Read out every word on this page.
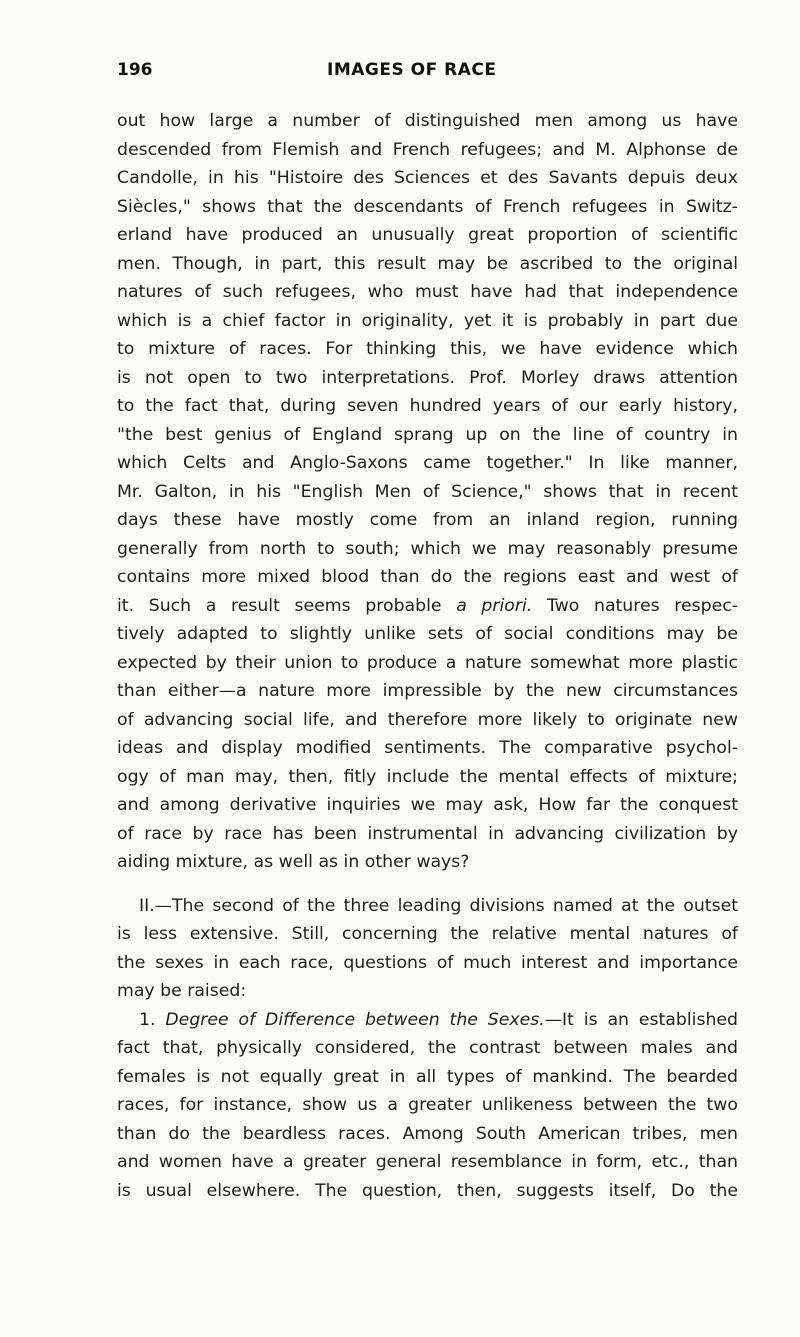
196	IMAGES OF RACE
out how large a number of distinguished men among us have
descended from Flemish and French refugees; and M. Alphonse de
Candolle, in his "Histoire des Sciences et des Savants depuis deux
Siècles," shows that the descendants of French refugees in Switz-
erland have produced an unusually great proportion of scientific
men. Though, in part, this result may be ascribed to the original
natures of such refugees, who must have had that independence
which is a chief factor in originality, yet it is probably in part due
to mixture of races. For thinking this, we have evidence which
is not open to two interpretations. Prof. Morley draws attention
to the fact that, during seven hundred years of our early history,
"the best genius of England sprang up on the line of country in
which Celts and Anglo-Saxons came together." In like manner,
Mr. Galton, in his "English Men of Science," shows that in recent
days these have mostly come from an inland region, running
generally from north to south; which we may reasonably presume
contains more mixed blood than do the regions east and west of
it. Such a result seems probable a priori. Two natures respec-
tively adapted to slightly unlike sets of social conditions may be
expected by their union to produce a nature somewhat more plastic
than either—a nature more impressible by the new circumstances
of advancing social life, and therefore more likely to originate new
ideas and display modified sentiments. The comparative psychol-
ogy of man may, then, fitly include the mental effects of mixture;
and among derivative inquiries we may ask, How far the conquest
of race by race has been instrumental in advancing civilization by
aiding mixture, as well as in other ways?
II.—The second of the three leading divisions named at the outset
is less extensive. Still, concerning the relative mental natures of
the sexes in each race, questions of much interest and importance
may be raised:
1. Degree of Difference between the Sexes.—It is an established
fact that, physically considered, the contrast between males and
females is not equally great in all types of mankind. The bearded
races, for instance, show us a greater unlikeness between the two
than do the beardless races. Among South American tribes, men
and women have a greater general resemblance in form, etc., than
is usual elsewhere. The question, then, suggests itself, Do the
